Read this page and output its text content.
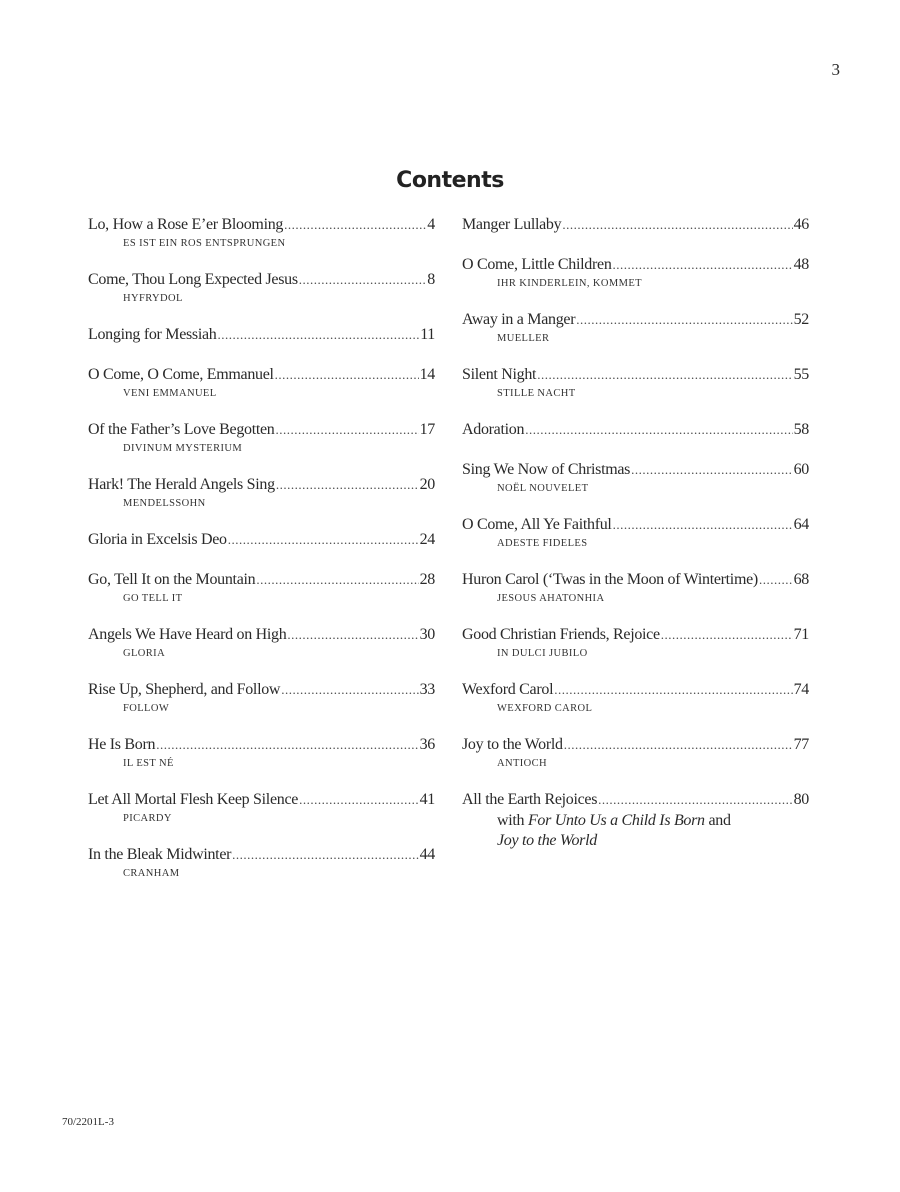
3
Contents
Lo, How a Rose E’er Blooming .....	4
ES IST EIN ROS ENTSPRUNGEN
Come, Thou Long Expected Jesus .....	8
HYFRYDOL
Longing for Messiah .....	11
O Come, O Come, Emmanuel .....	14
VENI EMMANUEL
Of the Father’s Love Begotten .....	17
DIVINUM MYSTERIUM
Hark! The Herald Angels Sing .....	20
MENDELSSOHN
Gloria in Excelsis Deo .....	24
Go, Tell It on the Mountain .....	28
GO TELL IT
Angels We Have Heard on High .....	30
GLORIA
Rise Up, Shepherd, and Follow .....	33
FOLLOW
He Is Born .....	36
IL EST NÉ
Let All Mortal Flesh Keep Silence .....	41
PICARDY
In the Bleak Midwinter .....	44
CRANHAM
Manger Lullaby .....	46
O Come, Little Children .....	48
IHR KINDERLEIN, KOMMET
Away in a Manger .....	52
MUELLER
Silent Night .....	55
STILLE NACHT
Adoration .....	58
Sing We Now of Christmas .....	60
NOËL NOUVELET
O Come, All Ye Faithful .....	64
ADESTE FIDELES
Huron Carol (‘Twas in the Moon of Wintertime) ..... 68
JESOUS AHATONHIA
Good Christian Friends, Rejoice .....	71
IN DULCI JUBILO
Wexford Carol .....	74
WEXFORD CAROL
Joy to the World .....	77
ANTIOCH
All the Earth Rejoices .....	80
with For Unto Us a Child Is Born and
Joy to the World
70/2201L-3
